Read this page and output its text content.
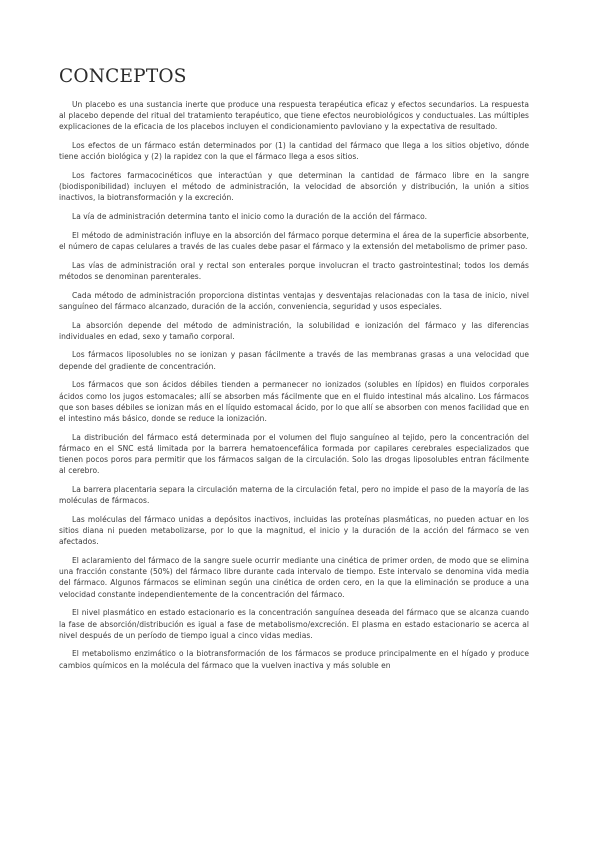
CONCEPTOS

Un placebo es una sustancia inerte que produce una respuesta terapéutica eficaz y efectos secundarios. La respuesta al placebo depende del ritual del tratamiento terapéutico, que tiene efectos neurobiológicos y conductuales. Las múltiples explicaciones de la eficacia de los placebos incluyen el condicionamiento pavloviano y la expectativa de resultado.

Los efectos de un fármaco están determinados por (1) la cantidad del fármaco que llega a los sitios objetivo, dónde tiene acción biológica y (2) la rapidez con la que el fármaco llega a esos sitios.

Los factores farmacocinéticos que interactúan y que determinan la cantidad de fármaco libre en la sangre (biodisponibilidad) incluyen el método de administración, la velocidad de absorción y distribución, la unión a sitios inactivos, la biotransformación y la excreción.

La vía de administración determina tanto el inicio como la duración de la acción del fármaco.

El método de administración influye en la absorción del fármaco porque determina el área de la superficie absorbente, el número de capas celulares a través de las cuales debe pasar el fármaco y la extensión del metabolismo de primer paso.

Las vías de administración oral y rectal son enterales porque involucran el tracto gastrointestinal; todos los demás métodos se denominan parenterales.

Cada método de administración proporciona distintas ventajas y desventajas relacionadas con la tasa de inicio, nivel sanguíneo del fármaco alcanzado, duración de la acción, conveniencia, seguridad y usos especiales.

La absorción depende del método de administración, la solubilidad e ionización del fármaco y las diferencias individuales en edad, sexo y tamaño corporal.

Los fármacos liposolubles no se ionizan y pasan fácilmente a través de las membranas grasas a una velocidad que depende del gradiente de concentración.

Los fármacos que son ácidos débiles tienden a permanecer no ionizados (solubles en lípidos) en fluidos corporales ácidos como los jugos estomacales; allí se absorben más fácilmente que en el fluido intestinal más alcalino. Los fármacos que son bases débiles se ionizan más en el líquido estomacal ácido, por lo que allí se absorben con menos facilidad que en el intestino más básico, donde se reduce la ionización.

La distribución del fármaco está determinada por el volumen del flujo sanguíneo al tejido, pero la concentración del fármaco en el SNC está limitada por la barrera hematoencefálica formada por capilares cerebrales especializados que tienen pocos poros para permitir que los fármacos salgan de la circulación. Solo las drogas liposolubles entran fácilmente al cerebro.

La barrera placentaria separa la circulación materna de la circulación fetal, pero no impide el paso de la mayoría de las moléculas de fármacos.

Las moléculas del fármaco unidas a depósitos inactivos, incluidas las proteínas plasmáticas, no pueden actuar en los sitios diana ni pueden metabolizarse, por lo que la magnitud, el inicio y la duración de la acción del fármaco se ven afectados.

El aclaramiento del fármaco de la sangre suele ocurrir mediante una cinética de primer orden, de modo que se elimina una fracción constante (50%) del fármaco libre durante cada intervalo de tiempo. Este intervalo se denomina vida media del fármaco. Algunos fármacos se eliminan según una cinética de orden cero, en la que la eliminación se produce a una velocidad constante independientemente de la concentración del fármaco.

El nivel plasmático en estado estacionario es la concentración sanguínea deseada del fármaco que se alcanza cuando la fase de absorción/distribución es igual a fase de metabolismo/excreción. El plasma en estado estacionario se acerca al nivel después de un período de tiempo igual a cinco vidas medias.

El metabolismo enzimático o la biotransformación de los fármacos se produce principalmente en el hígado y produce cambios químicos en la molécula del fármaco que la vuelven inactiva y más soluble en
